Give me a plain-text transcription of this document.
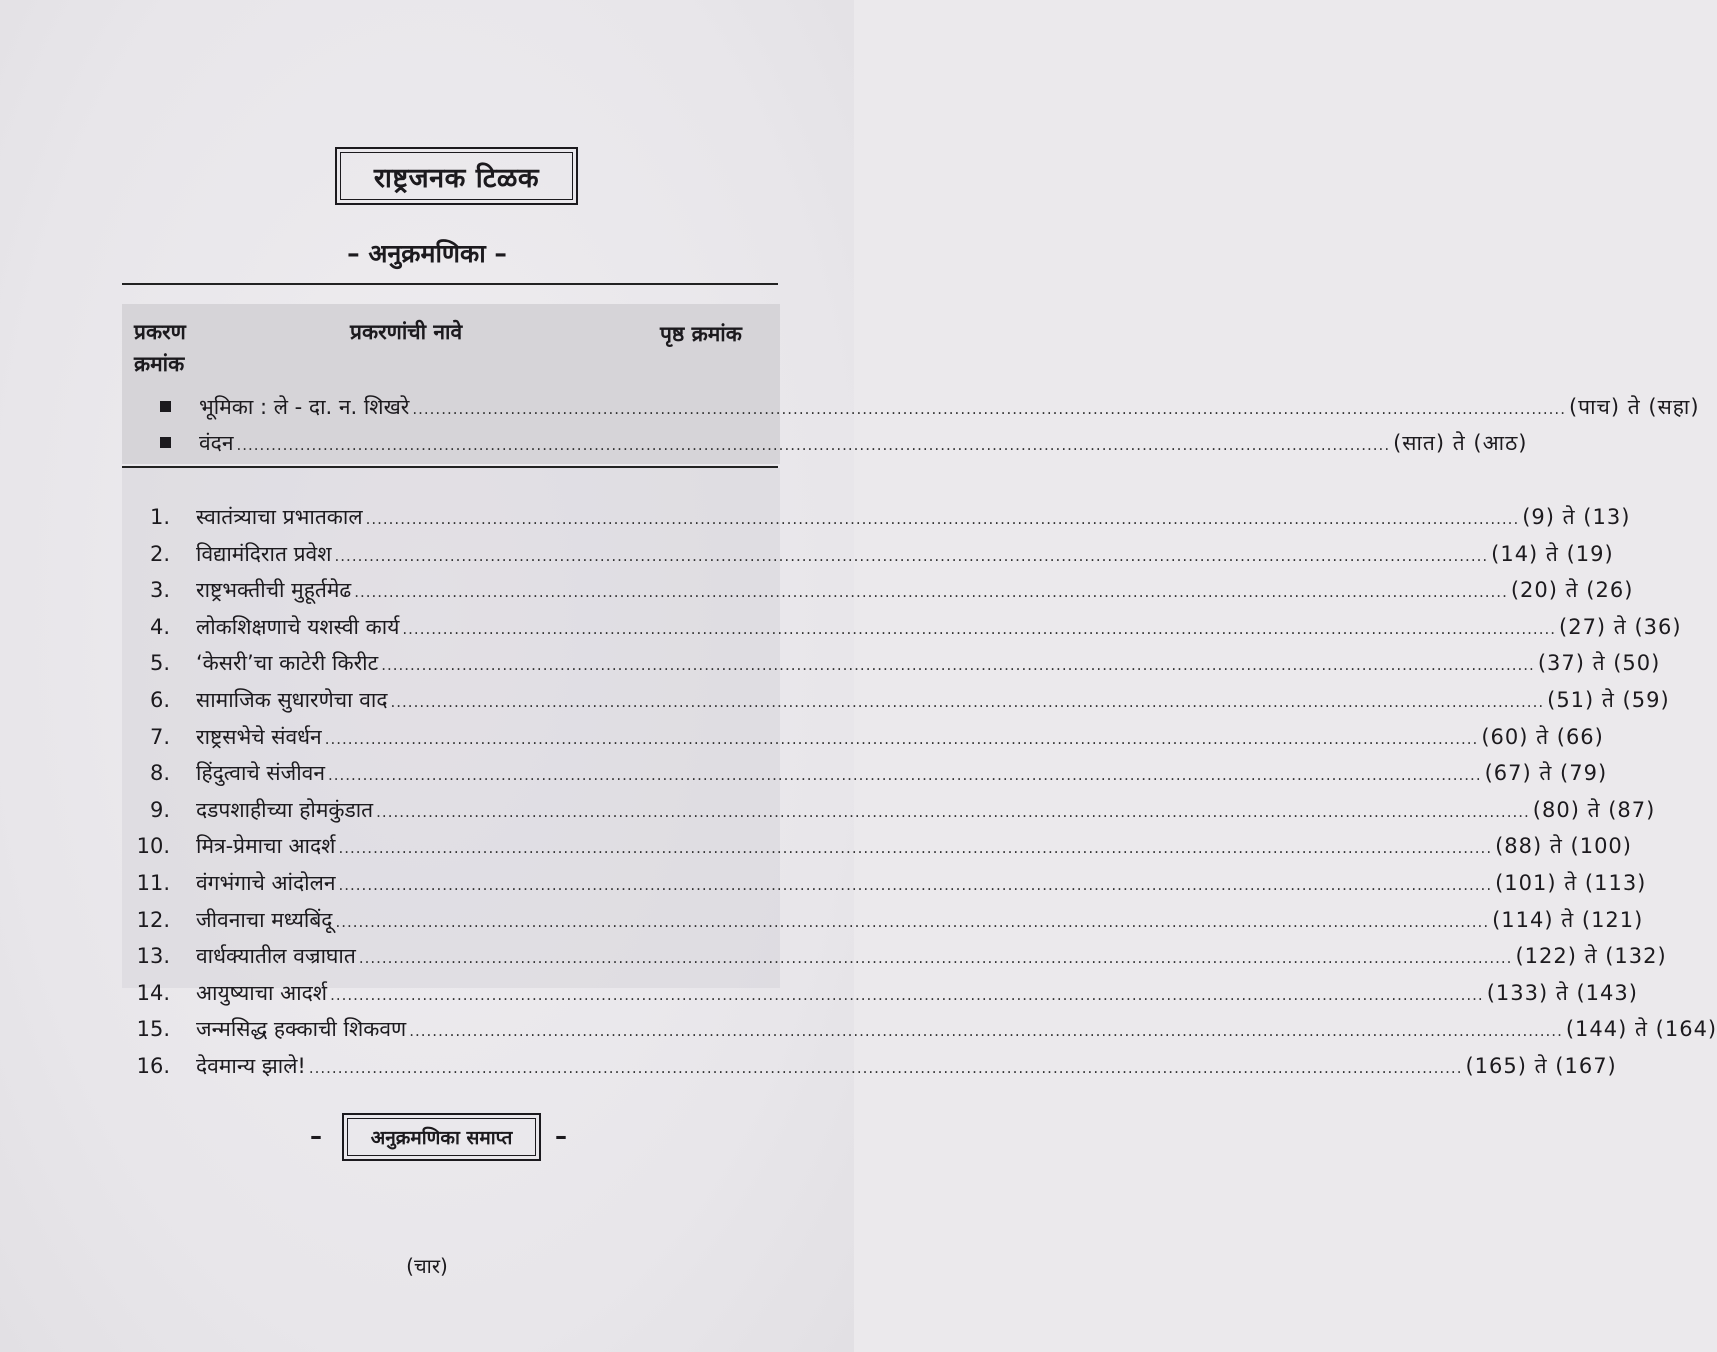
राष्ट्रजनक टिळक
– अनुक्रमणिका –
प्रकरण
क्रमांक
प्रकरणांची नावे	पृष्ठ क्रमांक
भूमिका : ले - दा. न. शिखरे ........................................................................................................................................................................................................ (पाच) ते (सहा)
वंदन ........................................................................................................................................................................................................ (सात) ते (आठ)
1.	स्वातंत्र्याचा प्रभातकाल ........................................................................................................................................................................................................ (9) ते (13)
2.	विद्यामंदिरात प्रवेश ........................................................................................................................................................................................................ (14) ते (19)
3.	राष्ट्रभक्तीची मुहूर्तमेढ ........................................................................................................................................................................................................ (20) ते (26)
4.	लोकशिक्षणाचे यशस्वी कार्य ........................................................................................................................................................................................................ (27) ते (36)
5.	‘केसरी’चा काटेरी किरीट ........................................................................................................................................................................................................ (37) ते (50)
6.	सामाजिक सुधारणेचा वाद ........................................................................................................................................................................................................ (51) ते (59)
7.	राष्ट्रसभेचे संवर्धन ........................................................................................................................................................................................................ (60) ते (66)
8.	हिंदुत्वाचे संजीवन ........................................................................................................................................................................................................ (67) ते (79)
9.	दडपशाहीच्या होमकुंडात ........................................................................................................................................................................................................ (80) ते (87)
10.	मित्र-प्रेमाचा आदर्श ........................................................................................................................................................................................................ (88) ते (100)
11.	वंगभंगाचे आंदोलन ........................................................................................................................................................................................................ (101) ते (113)
12.	जीवनाचा मध्यबिंदू ........................................................................................................................................................................................................ (114) ते (121)
13.	वार्धक्यातील वज्राघात ........................................................................................................................................................................................................ (122) ते (132)
14.	आयुष्याचा आदर्श ........................................................................................................................................................................................................ (133) ते (143)
15.	जन्मसिद्ध हक्काची शिकवण ........................................................................................................................................................................................................ (144) ते (164)
16.	देवमान्य झाले! ........................................................................................................................................................................................................ (165) ते (167)
–	अनुक्रमणिका समाप्त –
(चार)
